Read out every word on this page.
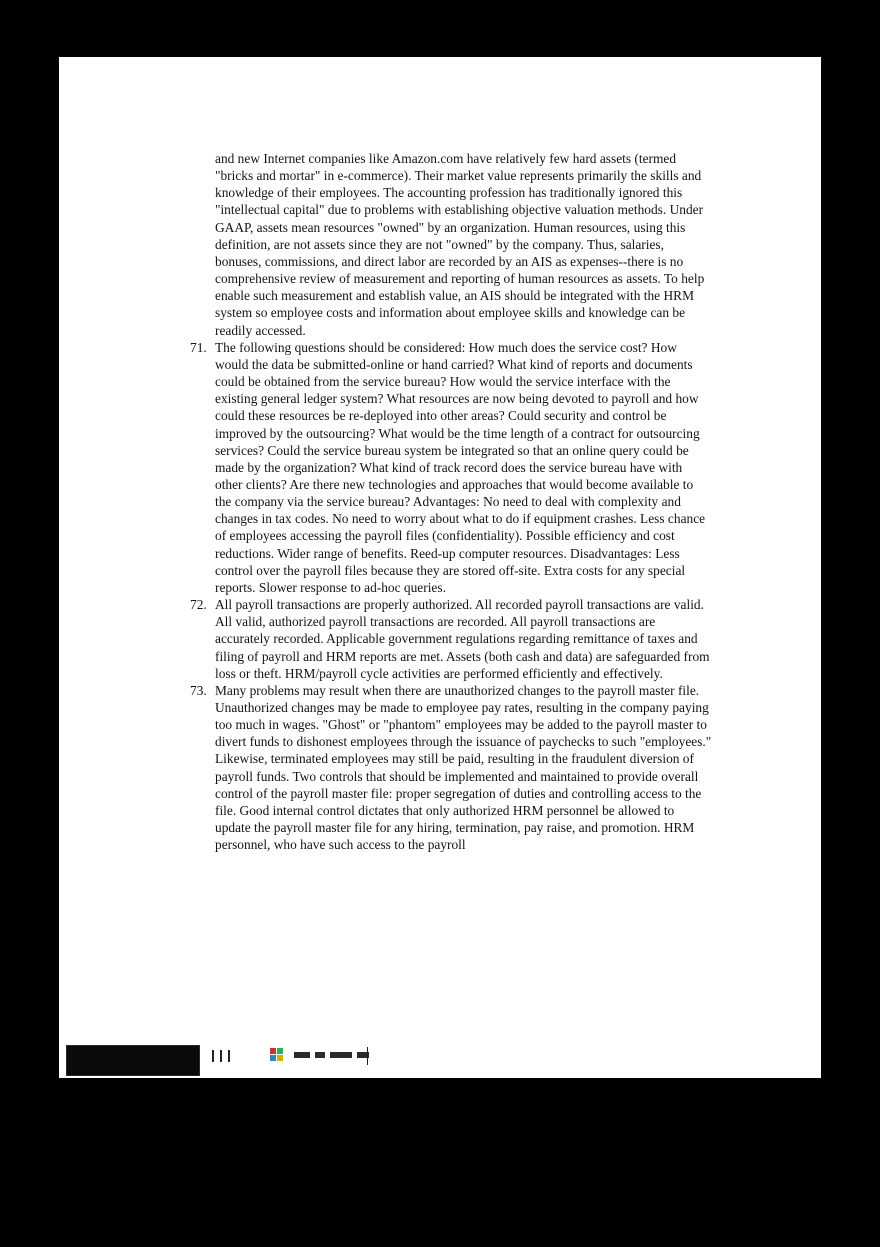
and new Internet companies like Amazon.com have relatively few hard assets (termed "bricks and mortar" in e-commerce). Their market value represents primarily the skills and knowledge of their employees. The accounting profession has traditionally ignored this "intellectual capital" due to problems with establishing objective valuation methods. Under GAAP, assets mean resources "owned" by an organization. Human resources, using this definition, are not assets since they are not "owned" by the company. Thus, salaries, bonuses, commissions, and direct labor are recorded by an AIS as expenses--there is no comprehensive review of measurement and reporting of human resources as assets. To help enable such measurement and establish value, an AIS should be integrated with the HRM system so employee costs and information about employee skills and knowledge can be readily accessed.

71. The following questions should be considered: How much does the service cost? How would the data be submitted-online or hand carried? What kind of reports and documents could be obtained from the service bureau? How would the service interface with the existing general ledger system? What resources are now being devoted to payroll and how could these resources be re-deployed into other areas? Could security and control be improved by the outsourcing? What would be the time length of a contract for outsourcing services? Could the service bureau system be integrated so that an online query could be made by the organization? What kind of track record does the service bureau have with other clients? Are there new technologies and approaches that would become available to the company via the service bureau? Advantages: No need to deal with complexity and changes in tax codes. No need to worry about what to do if equipment crashes. Less chance of employees accessing the payroll files (confidentiality). Possible efficiency and cost reductions. Wider range of benefits. Reed-up computer resources. Disadvantages: Less control over the payroll files because they are stored off-site. Extra costs for any special reports. Slower response to ad-hoc queries.
72. All payroll transactions are properly authorized. All recorded payroll transactions are valid. All valid, authorized payroll transactions are recorded. All payroll transactions are accurately recorded. Applicable government regulations regarding remittance of taxes and filing of payroll and HRM reports are met. Assets (both cash and data) are safeguarded from loss or theft. HRM/payroll cycle activities are performed efficiently and effectively.
73. Many problems may result when there are unauthorized changes to the payroll master file. Unauthorized changes may be made to employee pay rates, resulting in the company paying too much in wages. "Ghost" or "phantom" employees may be added to the payroll master to divert funds to dishonest employees through the issuance of paychecks to such "employees." Likewise, terminated employees may still be paid, resulting in the fraudulent diversion of payroll funds. Two controls that should be implemented and maintained to provide overall control of the payroll master file: proper segregation of duties and controlling access to the file. Good internal control dictates that only authorized HRM personnel be allowed to update the payroll master file for any hiring, termination, pay raise, and promotion. HRM personnel, who have such access to the payroll
